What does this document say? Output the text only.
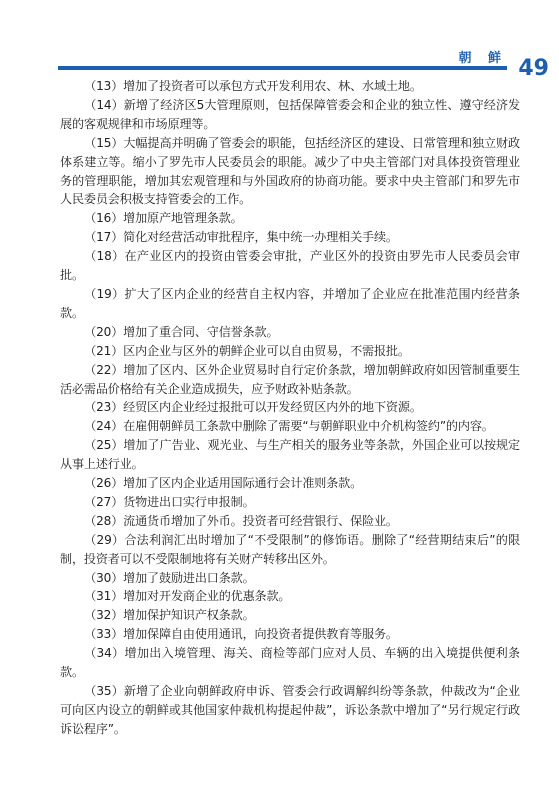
朝 鲜 49

（13）增加了投资者可以承包方式开发利用农、林、水域土地。

（14）新增了经济区5大管理原则，包括保障管委会和企业的独立性、遵守经济发展的客观规律和市场原理等。

（15）大幅提高并明确了管委会的职能，包括经济区的建设、日常管理和独立财政体系建立等。缩小了罗先市人民委员会的职能。减少了中央主管部门对具体投资管理业务的管理职能，增加其宏观管理和与外国政府的协商功能。要求中央主管部门和罗先市人民委员会积极支持管委会的工作。

（16）增加原产地管理条款。

（17）简化对经营活动审批程序，集中统一办理相关手续。

（18）在产业区内的投资由管委会审批，产业区外的投资由罗先市人民委员会审批。

（19）扩大了区内企业的经营自主权内容，并增加了企业应在批准范围内经营条款。

（20）增加了重合同、守信誉条款。

（21）区内企业与区外的朝鲜企业可以自由贸易，不需报批。

（22）增加了区内、区外企业贸易时自行定价条款，增加朝鲜政府如因管制重要生活必需品价格给有关企业造成损失，应予财政补贴条款。

（23）经贸区内企业经过报批可以开发经贸区内外的地下资源。

（24）在雇佣朝鲜员工条款中删除了需要“与朝鲜职业中介机构签约”的内容。

（25）增加了广告业、观光业、与生产相关的服务业等条款，外国企业可以按规定从事上述行业。

（26）增加了区内企业适用国际通行会计准则条款。

（27）货物进出口实行申报制。

（28）流通货币增加了外币。投资者可经营银行、保险业。

（29）合法利润汇出时增加了“不受限制”的修饰语。删除了“经营期结束后”的限制，投资者可以不受限制地将有关财产转移出区外。

（30）增加了鼓励进出口条款。

（31）增加对开发商企业的优惠条款。

（32）增加保护知识产权条款。

（33）增加保障自由使用通讯，向投资者提供教育等服务。

（34）增加出入境管理、海关、商检等部门应对人员、车辆的出入境提供便利条款。

（35）新增了企业向朝鲜政府申诉、管委会行政调解纠纷等条款，仲裁改为“企业可向区内设立的朝鲜或其他国家仲裁机构提起仲裁”，诉讼条款中增加了“另行规定行政诉讼程序”。
